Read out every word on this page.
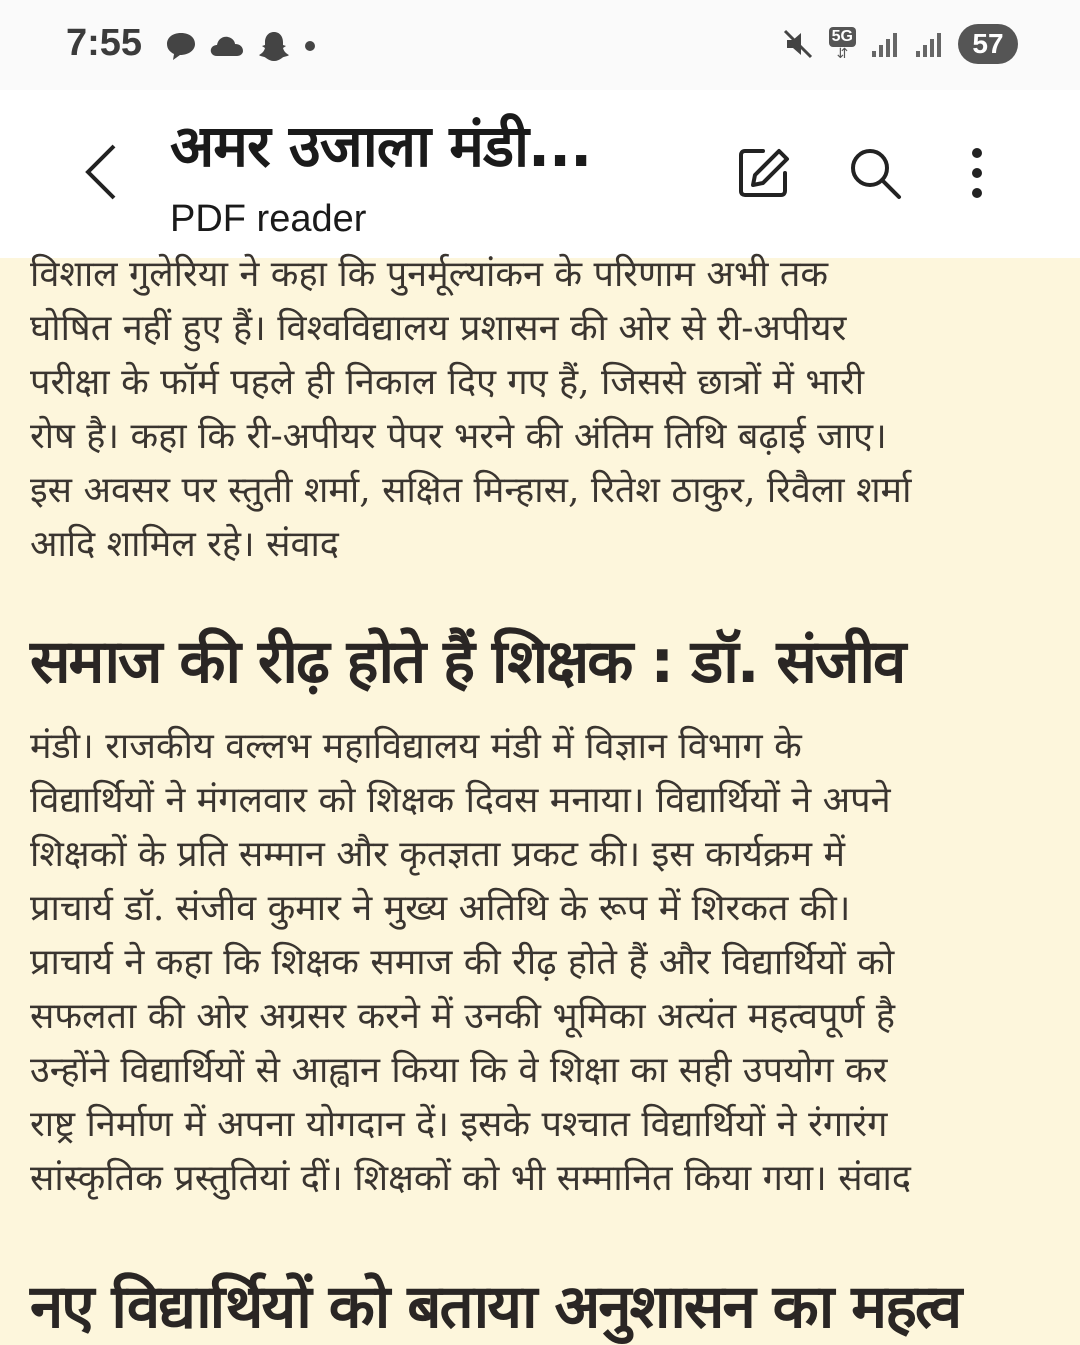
7:55	5G
⇵	57
अमर उजाला मंडी...
PDF reader
विशाल गुलेरिया ने कहा कि पुनर्मूल्यांकन के परिणाम अभी तक
घोषित नहीं हुए हैं। विश्वविद्यालय प्रशासन की ओर से री-अपीयर
परीक्षा के फॉर्म पहले ही निकाल दिए गए हैं, जिससे छात्रों में भारी
रोष है। कहा कि री-अपीयर पेपर भरने की अंतिम तिथि बढ़ाई जाए।
इस अवसर पर स्तुती शर्मा, सक्षित मिन्हास, रितेश ठाकुर, रिवैला शर्मा
आदि शामिल रहे। संवाद
समाज की रीढ़ होते हैं शिक्षक : डॉ. संजीव
मंडी। राजकीय वल्लभ महाविद्यालय मंडी में विज्ञान विभाग के
विद्यार्थियों ने मंगलवार को शिक्षक दिवस मनाया। विद्यार्थियों ने अपने
शिक्षकों के प्रति सम्मान और कृतज्ञता प्रकट की। इस कार्यक्रम में
प्राचार्य डॉ. संजीव कुमार ने मुख्य अतिथि के रूप में शिरकत की।
प्राचार्य ने कहा कि शिक्षक समाज की रीढ़ होते हैं और विद्यार्थियों को
सफलता की ओर अग्रसर करने में उनकी भूमिका अत्यंत महत्वपूर्ण है
उन्होंने विद्यार्थियों से आह्वान किया कि वे शिक्षा का सही उपयोग कर
राष्ट्र निर्माण में अपना योगदान दें। इसके पश्चात विद्यार्थियों ने रंगारंग
सांस्कृतिक प्रस्तुतियां दीं। शिक्षकों को भी सम्मानित किया गया। संवाद
नए विद्यार्थियों को बताया अनुशासन का महत्व
